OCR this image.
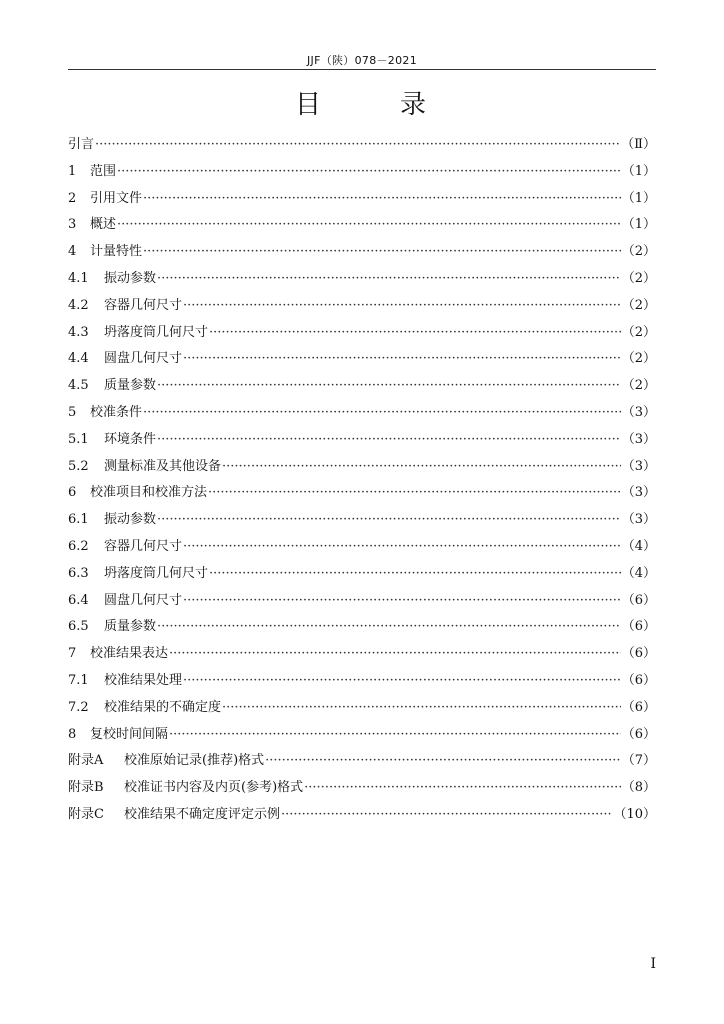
JJF（陕）078－2021
目	录
引言 ·····	（Ⅱ）
1	范围 ·····	（1）
2	引用文件 ·····	（1）
3	概述 ·····	（1）
4	计量特性 ·····	（2）
4.1	振动参数 ·····	（2）
4.2	容器几何尺寸 ·····	（2）
4.3	坍落度筒几何尺寸 ·····	（2）
4.4	圆盘几何尺寸 ·····	（2）
4.5	质量参数 ·····	（2）
5	校准条件 ·····	（3）
5.1	环境条件 ·····	（3）
5.2	测量标准及其他设备 ·····	（3）
6	校准项目和校准方法 ·····	（3）
6.1	振动参数 ·····	（3）
6.2	容器几何尺寸 ·····	（4）
6.3	坍落度筒几何尺寸 ·····	（4）
6.4	圆盘几何尺寸 ·····	（6）
6.5	质量参数 ·····	（6）
7	校准结果表达 ·····	（6）
7.1	校准结果处理 ·····	（6）
7.2	校准结果的不确定度 ·····	（6）
8	复校时间间隔 ·····	（6）
附录A	校准原始记录(推荐)格式 ·····	（7）
附录B	校准证书内容及内页(参考)格式 ·····	（8）
附录C	校准结果不确定度评定示例 ·····	（10）
I
